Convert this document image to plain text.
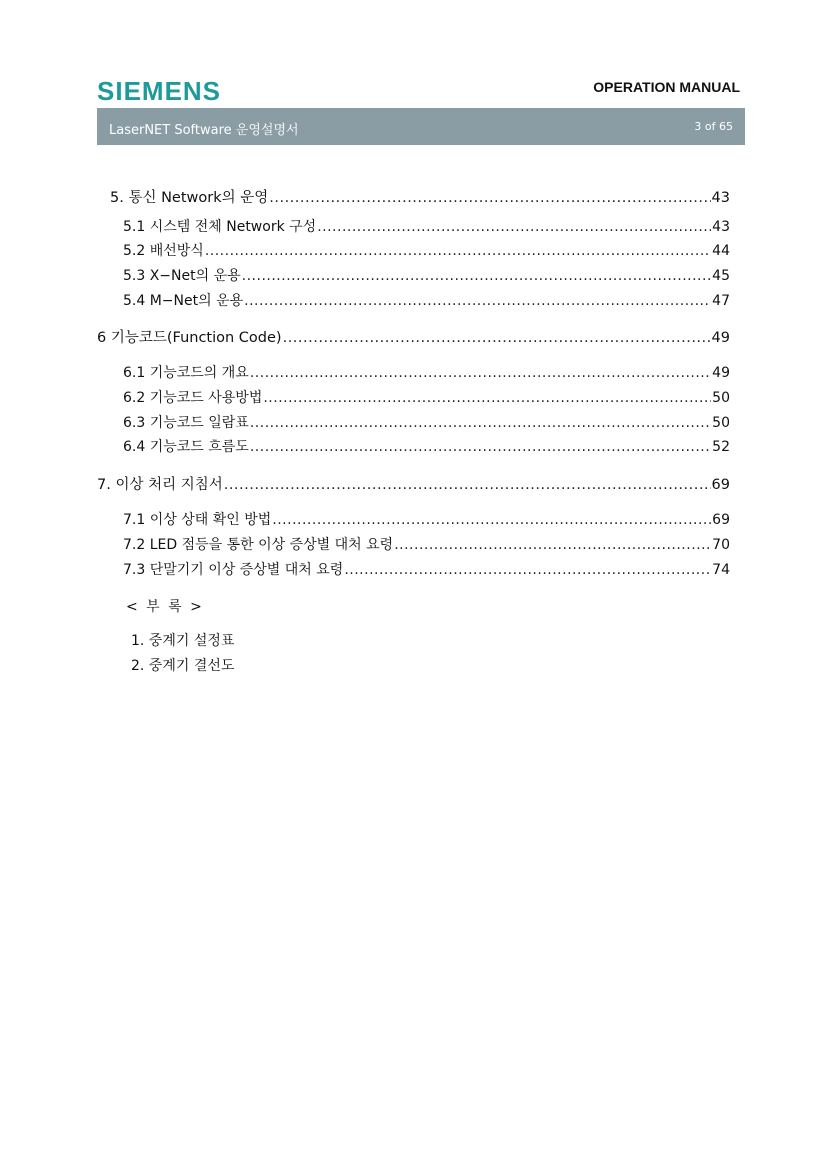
SIEMENS	OPERATION MANUAL
LaserNET Software 운영설명서	3 of 65
5. 통신 Network의 운영 .....	43
5.1 시스템 전체 Network 구성 .....	43
5.2 배선방식 .....	44
5.3 X−Net의 운용 .....	45
5.4 M−Net의 운용 .....	47
6 기능코드(Function Code) .....	49
6.1 기능코드의 개요 .....	49
6.2 기능코드 사용방법 .....	50
6.3 기능코드 일람표 .....	50
6.4 기능코드 흐름도 .....	52
7. 이상 처리 지침서 .....	69
7.1 이상 상태 확인 방법 .....	69
7.2 LED 점등을 통한 이상 증상별 대처 요령 .....	70
7.3 단말기기 이상 증상별 대처 요령 .....	74
< 부 록 >
1. 중계기 설정표
2. 중계기 결선도
